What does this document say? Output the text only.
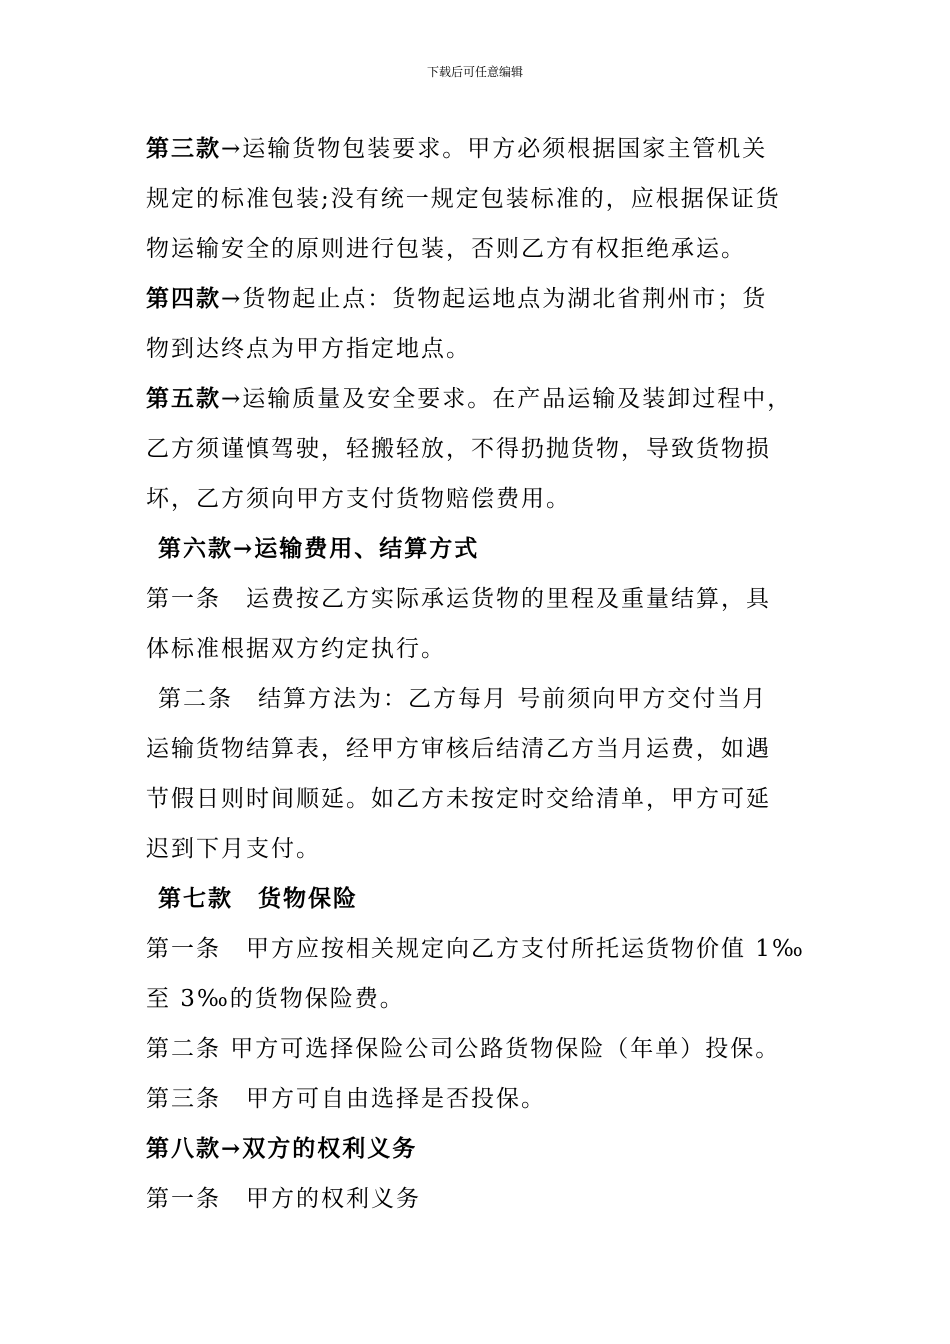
下载后可任意编辑

第三款→运输货物包装要求。甲方必须根据国家主管机关

规定的标准包装;没有统一规定包装标准的，应根据保证货

物运输安全的原则进行包装，否则乙方有权拒绝承运。

第四款→货物起止点：货物起运地点为湖北省荆州市；货

物到达终点为甲方指定地点。

第五款→运输质量及安全要求。在产品运输及装卸过程中，

乙方须谨慎驾驶，轻搬轻放，不得扔抛货物，导致货物损

坏，乙方须向甲方支付货物赔偿费用。

第六款→运输费用、结算方式

第一条　运费按乙方实际承运货物的里程及重量结算，具

体标准根据双方约定执行。

第二条　结算方法为：乙方每月 号前须向甲方交付当月

运输货物结算表，经甲方审核后结清乙方当月运费，如遇

节假日则时间顺延。如乙方未按定时交给清单，甲方可延

迟到下月支付。

第七款　货物保险

第一条　甲方应按相关规定向乙方支付所托运货物价值 1‰

至 3‰的货物保险费。

第二条 甲方可选择保险公司公路货物保险（年单）投保。

第三条　甲方可自由选择是否投保。

第八款→双方的权利义务

第一条　甲方的权利义务
